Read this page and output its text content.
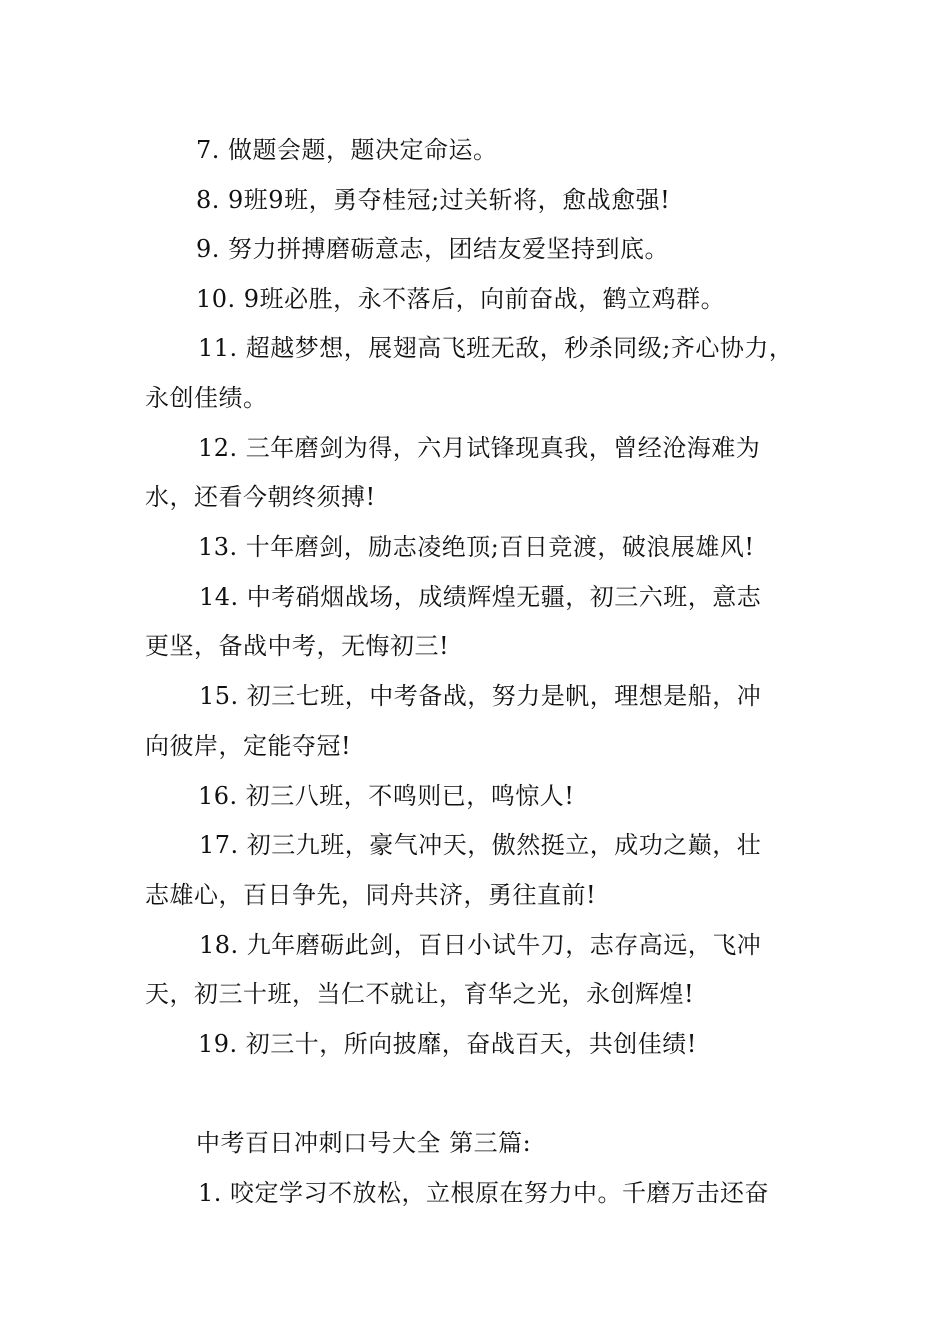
7. 做题会题，题决定命运。
8. 9班9班，勇夺桂冠;过关斩将，愈战愈强!
9. 努力拼搏磨砺意志，团结友爱坚持到底。
10. 9班必胜，永不落后，向前奋战，鹤立鸡群。
11. 超越梦想，展翅高飞班无敌，秒杀同级;齐心协力，
永创佳绩。
12. 三年磨剑为得，六月试锋现真我，曾经沧海难为
水，还看今朝终须搏!
13. 十年磨剑，励志凌绝顶;百日竞渡，破浪展雄风!
14. 中考硝烟战场，成绩辉煌无疆，初三六班，意志
更坚，备战中考，无悔初三!
15. 初三七班，中考备战，努力是帆，理想是船，冲
向彼岸，定能夺冠!
16. 初三八班，不鸣则已，鸣惊人!
17. 初三九班，豪气冲天，傲然挺立，成功之巅，壮
志雄心，百日争先，同舟共济，勇往直前!
18. 九年磨砺此剑，百日小试牛刀，志存高远，飞冲
天，初三十班，当仁不就让，育华之光，永创辉煌!
19. 初三十，所向披靡，奋战百天，共创佳绩!
中考百日冲刺口号大全 第三篇:
1. 咬定学习不放松，立根原在努力中。千磨万击还奋
